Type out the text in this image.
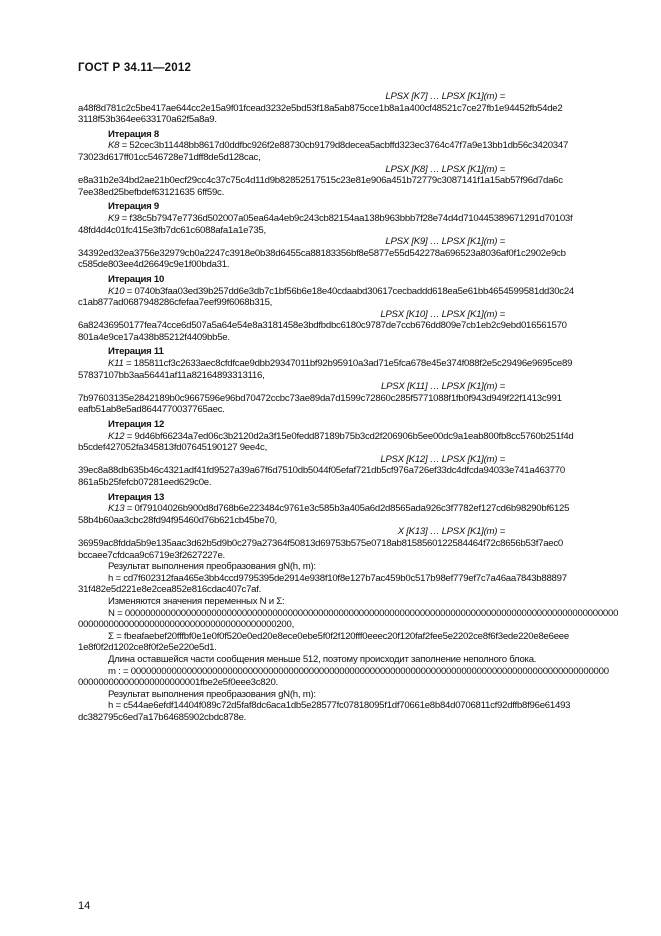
ГОСТ Р 34.11—2012
LPSX [K7] … LPSX [K1](m) =
a48f8d781c2c5be417ae644cc2e15a9f01fcead3232e5bd53f18a5ab875cce1b8a1a400cf48521c7ce27fb1e94452fb54de2
3118f53b364ee633170a62f5a8a9.
Итерация 8
K8 = 52cec3b11448bb8617d0ddfbc926f2e88730cb9179d8decea5acbffd323ec3764c47f7a9e13bb1db56c3420347
73023d617ff01cc546728e71dff8de5d128cac,
LPSX [K8] … LPSX [K1](m) =
e8a31b2e34bd2ae21b0ecf29cc4c37c75c4d11d9b82852517515c23e81e906a451b72779c3087141f1a15ab57f96d7da6c
7ee38ed25befbdef63121635 6ff59c.
Итерация 9
K9 = f38c5b7947e7736d502007a05ea64a4eb9c243cb82154aa138b963bbb7f28e74d4d710445389671291d70103f
48fd4d4c01fc415e3fb7dc61c6088afa1a1e735,
LPSX [K9] … LPSX [K1](m) =
34392ed32ea3756e32979cb0a2247c3918e0b38d6455ca88183356bf8e5877e55d542278a696523a8036af0f1c2902e9cb
c585de803ee4d26649c9e1f00bda31.
Итерация 10
K10 = 0740b3faa03ed39b257dd6e3db7c1bf56b6e18e40cdaabd30617cecbaddd618ea5e61bb4654599581dd30c24
c1ab877ad0687948286cfefaa7eef99f6068b315,
LPSX [K10] … LPSX [K1](m) =
6a82436950177fea74cce6d507a5a64e54e8a3181458e3bdfbdbc6180c9787de7ccb676dd809e7cb1eb2c9ebd016561570
801a4e9ce17a438b85212f4409bb5e.
Итерация 11
K11 = 185811cf3c2633aec8cfdfcae9dbb29347011bf92b95910a3ad71e5fca678e45e374f088f2e5c29496e9695ce89
57837107bb3aa56441af11a82164893313116,
LPSX [K11] … LPSX [K1](m) =
7b97603135e2842189b0c9667596e96bd70472ccbc73ae89da7d1599c72860c285f5771088f1fb0f943d949f22f1413c991
eafb51ab8e5ad8644770037765aec.
Итерация 12
K12 = 9d46bf66234a7ed06c3b2120d2a3f15e0fedd87189b75b3cd2f206906b5ee00dc9a1eab800fb8cc5760b251f4d
b5cdef427052fa345813fd07645190127 9ee4c,
LPSX [K12] … LPSX [K1](m) =
39ec8a88db635b46c4321adf41fd9527a39a67f6d7510db5044f05efaf721db5cf976a726ef33dc4dfcda94033e741a463770
861a5b25fefcb07281eed629c0e.
Итерация 13
K13 = 0f79104026b900d8d768b6e223484c9761e3c585b3a405a6d2d8565ada926c3f7782ef127cd6b98290bf6125
58b4b60aa3cbc28fd94f95460d76b621cb45be70,
X [K13] … LPSX [K1](m) =
36959ac8fdda5b9e135aac3d62b5d9b0c279a27364f50813d69753b575e0718ab8158560122584464f72c8656b53f7aec0
bccaee7cfdcaa9c6719e3f2627227e.
Результат выполнения преобразования gN(h, m):
h = cd7f602312faa465e3bb4ccd9795395de2914e938f10f8e127b7ac459b0c517b98ef779ef7c7a46aa7843b88897
31f482e5d221e8e2cea852e816cdac407c7af.
Изменяются значения переменных N и Σ:
N = 0000000000000000000000000000000000000000000000000000000000000000000000000000000000000000000000000
000000000000000000000000000000000000000200,
Σ = fbeafaebef20fffbf0e1e0f0f520e0ed20e8ece0ebe5f0f2f120fff0eeec20f120faf2fee5e2202ce8f6f3ede220e8e6eee
1e8f0f2d1202ce8f0f2e5e220e5d1.
Длина оставшейся части сообщения меньше 512, поэтому происходит заполнение неполного блока.
m : = 0000000000000000000000000000000000000000000000000000000000000000000000000000000000000000000000
000000000000000000000001fbe2e5f0eee3c820.
Результат выполнения преобразования gN(h, m):
h = c544ae6efdf14404f089c72d5faf8dc6aca1db5e28577fc07818095f1df70661e8b84d0706811cf92dffb8f96e61493
dc382795c6ed7a17b64685902cbdc878e.
14
